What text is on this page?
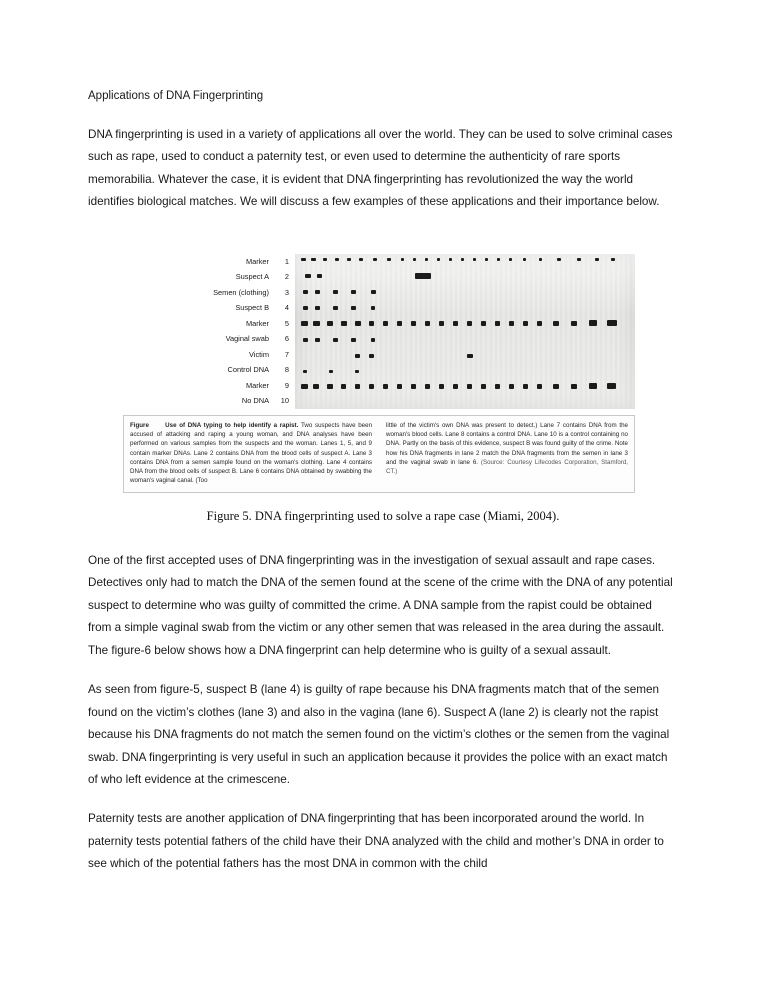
Applications of DNA Fingerprinting

DNA fingerprinting is used in a variety of applications all over the world. They can be used to solve criminal cases such as rape, used to conduct a paternity test, or even used to determine the authenticity of rare sports memorabilia. Whatever the case, it is evident that DNA fingerprinting has revolutionized the way the world identifies biological matches. We will discuss a few examples of these applications and their importance below.

Marker 1
Suspect A 2
Semen (clothing) 3
Suspect B 4
Marker 5
Vaginal swab 6
Victim 7
Control DNA 8
Marker 9
No DNA 10
Figure	Use of DNA typing to help identify a rapist. Two suspects have been accused of attacking and raping a young woman, and DNA analyses have been performed on various samples from the suspects and the woman. Lanes 1, 5, and 9 contain marker DNAs. Lane 2 contains DNA from the blood cells of suspect A. Lane 3 contains DNA from a semen sample found on the woman's clothing. Lane 4 contains DNA from the blood cells of suspect B. Lane 6 contains DNA obtained by swabbing the woman's vaginal canal. (Too
little of the victim's own DNA was present to detect.) Lane 7 contains DNA from the woman's blood cells. Lane 8 contains a control DNA. Lane 10 is a control containing no DNA. Partly on the basis of this evidence, suspect B was found guilty of the crime. Note how his DNA fragments in lane 2 match the DNA fragments from the semen in lane 3 and the vaginal swab in lane 6. (Source: Courtesy Lifecodes Corporation, Stamford, CT.)
Figure 5. DNA fingerprinting used to solve a rape case (Miami, 2004).

One of the first accepted uses of DNA fingerprinting was in the investigation of sexual assault and rape cases. Detectives only had to match the DNA of the semen found at the scene of the crime with the DNA of any potential suspect to determine who was guilty of committed the crime. A DNA sample from the rapist could be obtained from a simple vaginal swab from the victim or any other semen that was released in the area during the assault. The figure-6 below shows how a DNA fingerprint can help determine who is guilty of a sexual assault.

As seen from figure-5, suspect B (lane 4) is guilty of rape because his DNA fragments match that of the semen found on the victim’s clothes (lane 3) and also in the vagina (lane 6). Suspect A (lane 2) is clearly not the rapist because his DNA fragments do not match the semen found on the victim’s clothes or the semen from the vaginal swab. DNA fingerprinting is very useful in such an application because it provides the police with an exact match of who left evidence at the crimescene.

Paternity tests are another application of DNA fingerprinting that has been incorporated around the world. In paternity tests potential fathers of the child have their DNA analyzed with the child and mother’s DNA in order to see which of the potential fathers has the most DNA in common with the child
